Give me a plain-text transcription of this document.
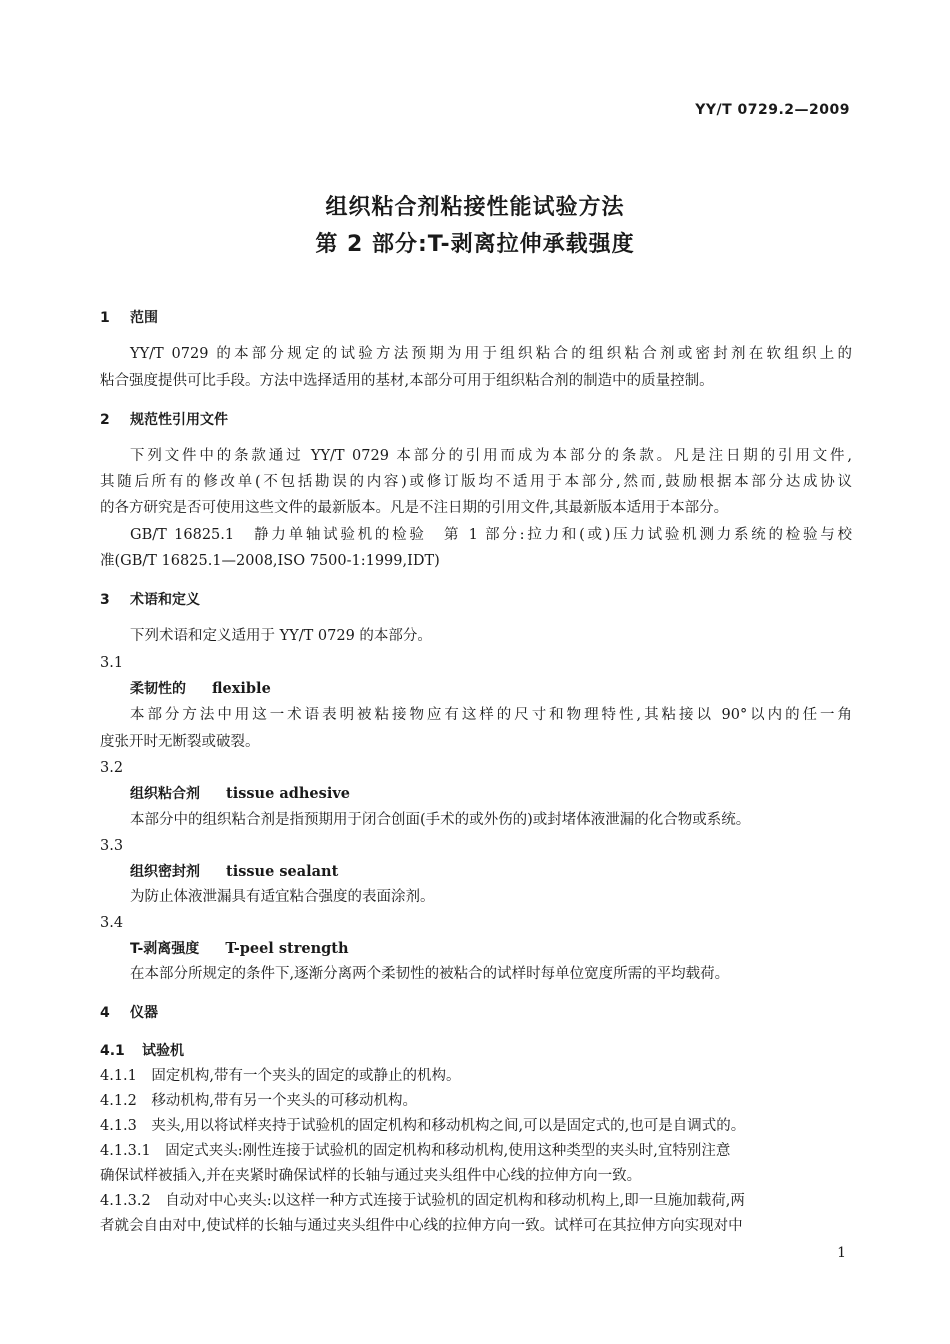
YY/T 0729.2—2009
组织粘合剂粘接性能试验方法
第 2 部分:T-剥离拉伸承载强度
1 范围
YY/T 0729 的本部分规定的试验方法预期为用于组织粘合的组织粘合剂或密封剂在软组织上的
粘合强度提供可比手段。方法中选择适用的基材,本部分可用于组织粘合剂的制造中的质量控制。
2 规范性引用文件
下列文件中的条款通过 YY/T 0729 本部分的引用而成为本部分的条款。凡是注日期的引用文件,
其随后所有的修改单(不包括勘误的内容)或修订版均不适用于本部分,然而,鼓励根据本部分达成协议
的各方研究是否可使用这些文件的最新版本。凡是不注日期的引用文件,其最新版本适用于本部分。
GB/T 16825.1　静力单轴试验机的检验　第 1 部分:拉力和(或)压力试验机测力系统的检验与校
准(GB/T 16825.1—2008,ISO 7500-1:1999,IDT)
3 术语和定义
下列术语和定义适用于 YY/T 0729 的本部分。
3.1
柔韧性的 flexible
本部分方法中用这一术语表明被粘接物应有这样的尺寸和物理特性,其粘接以 90°以内的任一角
度张开时无断裂或破裂。
3.2
组织粘合剂 tissue adhesive
本部分中的组织粘合剂是指预期用于闭合创面(手术的或外伤的)或封堵体液泄漏的化合物或系统。
3.3
组织密封剂 tissue sealant
为防止体液泄漏具有适宜粘合强度的表面涂剂。
3.4
T-剥离强度 T-peel strength
在本部分所规定的条件下,逐渐分离两个柔韧性的被粘合的试样时每单位宽度所需的平均载荷。
4 仪器
4.1 试验机
4.1.1　 固定机构,带有一个夹头的固定的或静止的机构。
4.1.2　 移动机构,带有另一个夹头的可移动机构。
4.1.3　 夹头,用以将试样夹持于试验机的固定机构和移动机构之间,可以是固定式的,也可是自调式的。
4.1.3.1　 固定式夹头:刚性连接于试验机的固定机构和移动机构,使用这种类型的夹头时,宜特别注意
确保试样被插入,并在夹紧时确保试样的长轴与通过夹头组件中心线的拉伸方向一致。
4.1.3.2　 自动对中心夹头:以这样一种方式连接于试验机的固定机构和移动机构上,即一旦施加载荷,两
者就会自由对中,使试样的长轴与通过夹头组件中心线的拉伸方向一致。试样可在其拉伸方向实现对中
1
